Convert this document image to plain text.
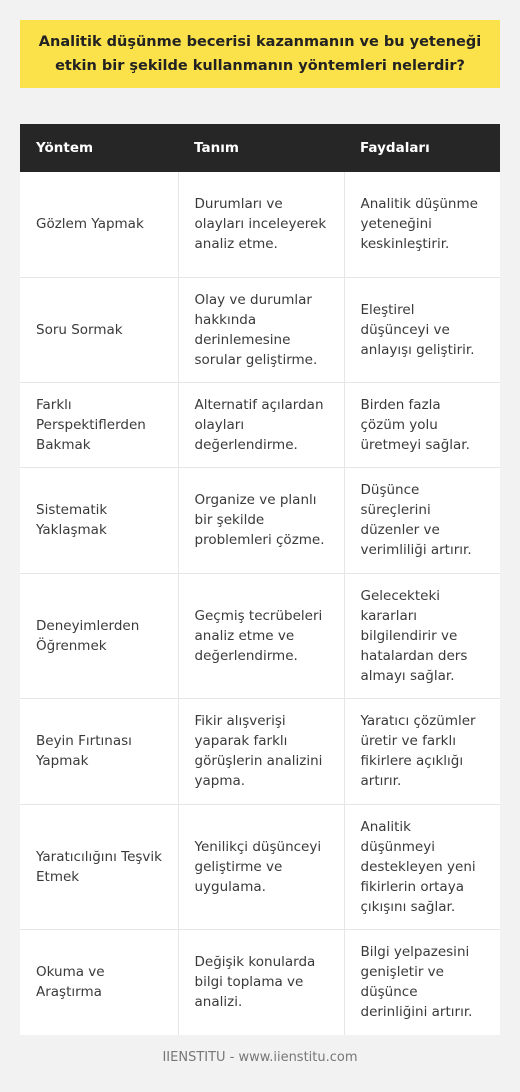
Analitik düşünme becerisi kazanmanın ve bu yeteneği etkin bir şekilde kullanmanın yöntemleri nelerdir?
Yöntem	Tanım	Faydaları
Gözlem Yapmak	Durumları ve olayları inceleyerek analiz etme.	Analitik düşünme yeteneğini keskinleştirir.
Soru Sormak	Olay ve durumlar hakkında derinlemesine sorular geliştirme.	Eleştirel düşünceyi ve anlayışı geliştirir.
Farklı Perspektiflerden Bakmak	Alternatif açılardan olayları değerlendirme.	Birden fazla çözüm yolu üretmeyi sağlar.
Sistematik Yaklaşmak	Organize ve planlı bir şekilde problemleri çözme.	Düşünce süreçlerini düzenler ve verimliliği artırır.
Deneyimlerden Öğrenmek	Geçmiş tecrübeleri analiz etme ve değerlendirme.	Gelecekteki kararları bilgilendirir ve hatalardan ders almayı sağlar.
Beyin Fırtınası Yapmak	Fikir alışverişi yaparak farklı görüşlerin analizini yapma.	Yaratıcı çözümler üretir ve farklı fikirlere açıklığı artırır.
Yaratıcılığını Teşvik Etmek	Yenilikçi düşünceyi geliştirme ve uygulama.	Analitik düşünmeyi destekleyen yeni fikirlerin ortaya çıkışını sağlar.
Okuma ve Araştırma	Değişik konularda bilgi toplama ve analizi.	Bilgi yelpazesini genişletir ve düşünce derinliğini artırır.
IIENSTITU - www.iienstitu.com
